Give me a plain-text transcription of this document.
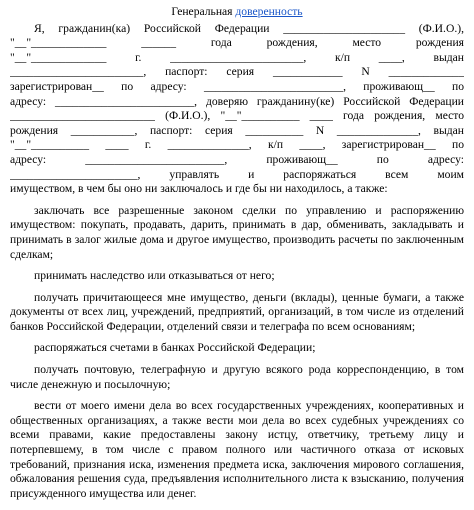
Генеральная доверенность
Я, гражданин(ка) Российской Федерации _____________________ (Ф.И.О.),
"__"_____________ ______ года рождения, место рождения
"__"_____________ г. _______________________, к/п ____, выдан
_______________________, паспорт: серия ____________ N _____________
зарегистрирован__ по адресу: ________________________, проживающ__ по
адресу: ________________________, доверяю гражданину(ке) Российской Федерации
_________________________ (Ф.И.О.), "__"__________ ____ года рождения, место
рождения ___________, паспорт: серия __________ N ______________, выдан
"__"__________ ____ г. ______________, к/п ____, зарегистрирован__ по
адресу: ________________________, проживающ__ по адресу:
______________________, управлять и распоряжаться всем моим
имуществом, в чем бы оно ни заключалось и где бы ни находилось, а также:
заключать все разрешенные законом сделки по управлению и распоряжению имуществом: покупать, продавать, дарить, принимать в дар, обменивать, закладывать и принимать в залог жилые дома и другое имущество, производить расчеты по заключенным сделкам;
принимать наследство или отказываться от него;
получать причитающееся мне имущество, деньги (вклады), ценные бумаги, а также документы от всех лиц, учреждений, предприятий, организаций, в том числе из отделений банков Российской Федерации, отделений связи и телеграфа по всем основаниям;
распоряжаться счетами в банках Российской Федерации;
получать почтовую, телеграфную и другую всякого рода корреспонденцию, в том числе денежную и посылочную;
вести от моего имени дела во всех государственных учреждениях, кооперативных и общественных организациях, а также вести мои дела во всех судебных учреждениях со всеми правами, какие предоставлены закону истцу, ответчику, третьему лицу и потерпевшему, в том числе с правом полного или частичного отказа от исковых требований, признания иска, изменения предмета иска, заключения мирового соглашения, обжалования решения суда, предъявления исполнительного листа к взысканию, получения присужденного имущества или денег.
